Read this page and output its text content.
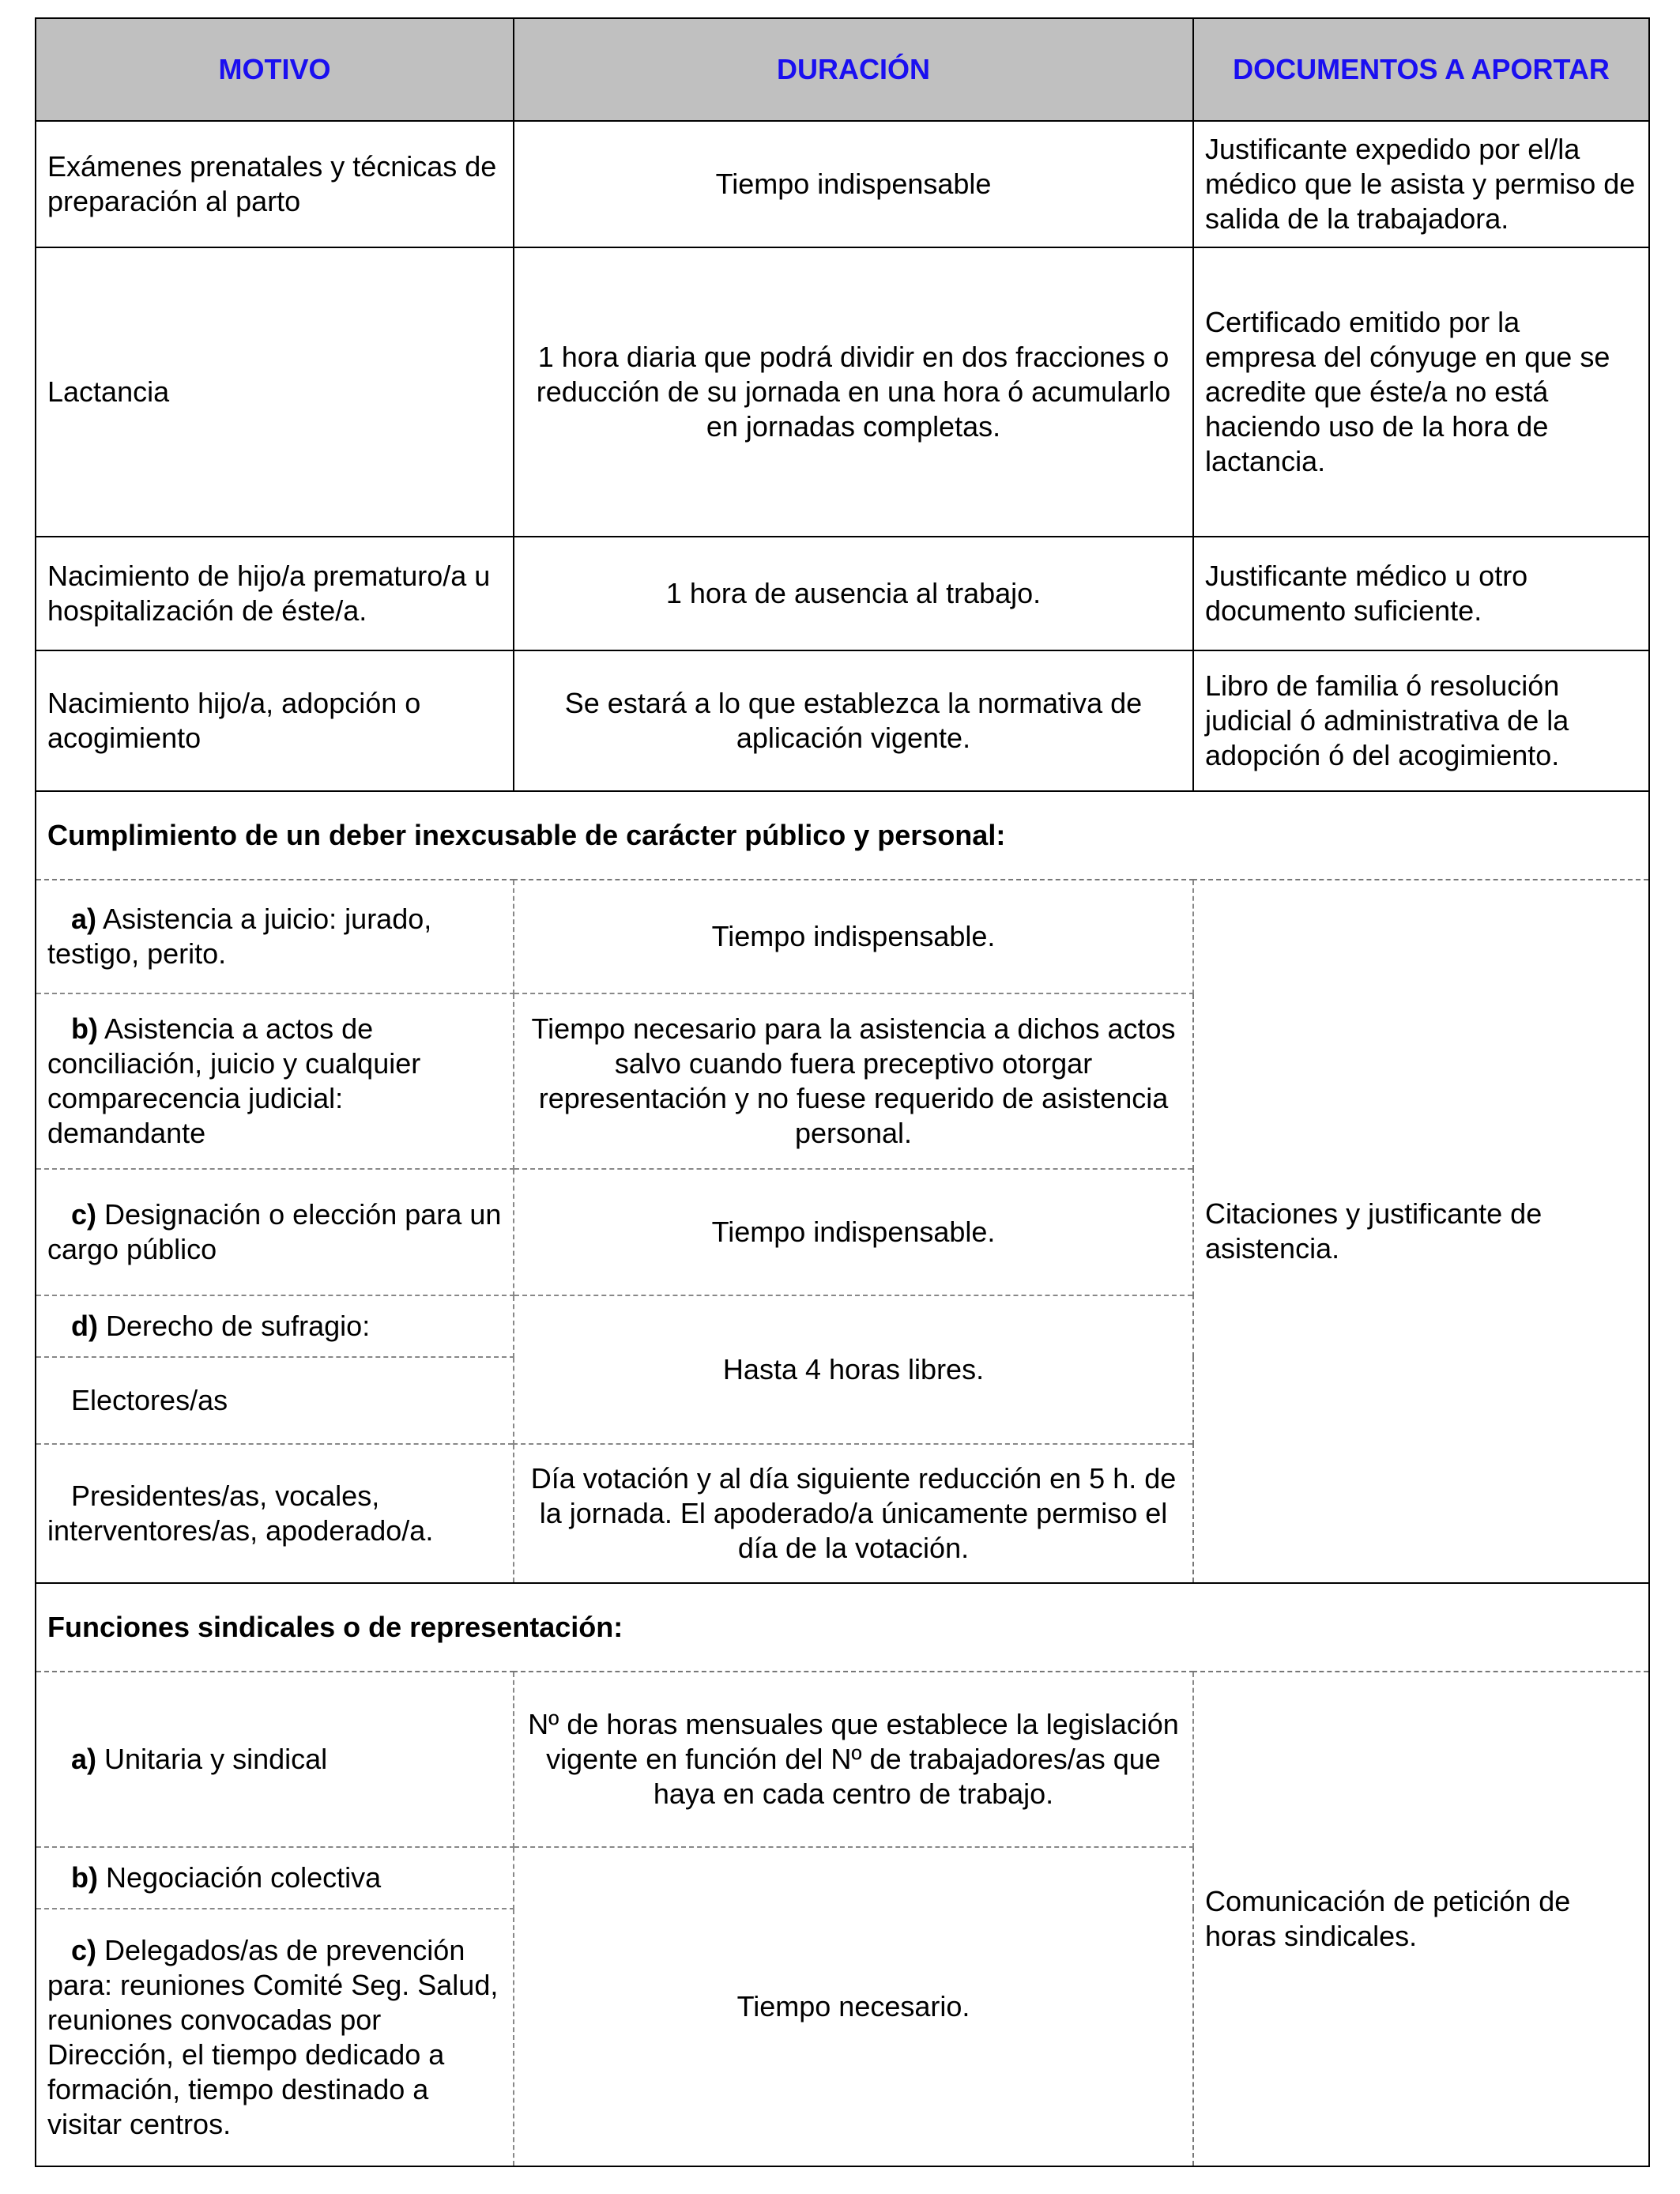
MOTIVO	DURACIÓN	DOCUMENTOS A APORTAR
Exámenes prenatales y técnicas de preparación al parto	Tiempo indispensable	Justificante expedido por el/la médico que le asista y permiso de salida de la trabajadora.
Lactancia	1 hora diaria que podrá dividir en dos fracciones o reducción de su jornada en una hora ó acumularlo en jornadas completas.	Certificado emitido por la empresa del cónyuge en que se acredite que éste/a no está haciendo uso de la hora de lactancia.
Nacimiento de hijo/a prematuro/a u hospitalización de éste/a.	1 hora de ausencia al trabajo.	Justificante médico u otro documento suficiente.
Nacimiento hijo/a, adopción o acogimiento	Se estará a lo que establezca la normativa de aplicación vigente.	Libro de familia ó resolución judicial ó administrativa de la adopción ó del acogimiento.
Cumplimiento de un deber inexcusable de carácter público y personal:		
a) Asistencia a juicio: jurado, testigo, perito.	Tiempo indispensable.	Citaciones y justificante de asistencia.
b) Asistencia a actos de conciliación, juicio y cualquier comparecencia judicial: demandante	Tiempo necesario para la asistencia a dichos actos salvo cuando fuera preceptivo otorgar representación y no fuese requerido de asistencia personal.	
c) Designación o elección para un cargo público	Tiempo indispensable.	
d) Derecho de sufragio:	Hasta 4 horas libres.	
Electores/as		
Presidentes/as, vocales, interventores/as, apoderado/a.	Día votación y al día siguiente reducción en 5 h. de la jornada. El apoderado/a únicamente permiso el día de la votación.	
Funciones sindicales o de representación:		
a) Unitaria y sindical	Nº de horas mensuales que establece la legislación vigente en función del Nº de trabajadores/as que haya en cada centro de trabajo.	Comunicación de petición de horas sindicales.
b) Negociación colectiva	Tiempo necesario.	
c) Delegados/as de prevención para: reuniones Comité Seg. Salud, reuniones convocadas por Dirección, el tiempo dedicado a formación, tiempo destinado a visitar centros.		
